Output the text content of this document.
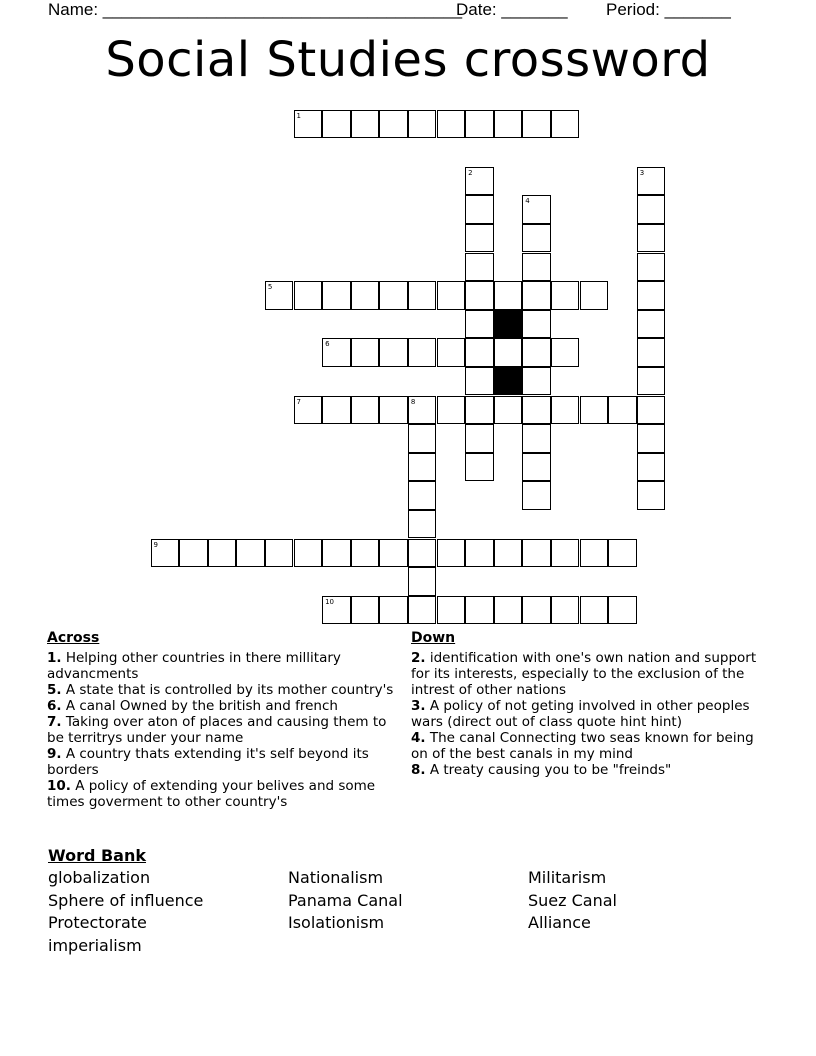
Name: ______________________________________

Date: _______

Period: _______

Social Studies crossword
1
2	3
4
5
6
7	8
9
10
Across
1. Helping other countries in there millitary advancments
5. A state that is controlled by its mother country's
6. A canal Owned by the british and french
7. Taking over aton of places and causing them to be territrys under your name
9. A country thats extending it's self beyond its borders
10. A policy of extending your belives and some times goverment to other country's
Down
2. identification with one's own nation and support for its interests, especially to the exclusion of the intrest of other nations
3. A policy of not geting involved in other peoples wars (direct out of class quote hint hint)
4. The canal Connecting two seas known for being on of the best canals in my mind
8. A treaty causing you to be "freinds"
Word Bank
globalization	Nationalism	Militarism
Sphere of influence	Panama Canal	Suez Canal
Protectorate	Isolationism	Alliance
imperialism
